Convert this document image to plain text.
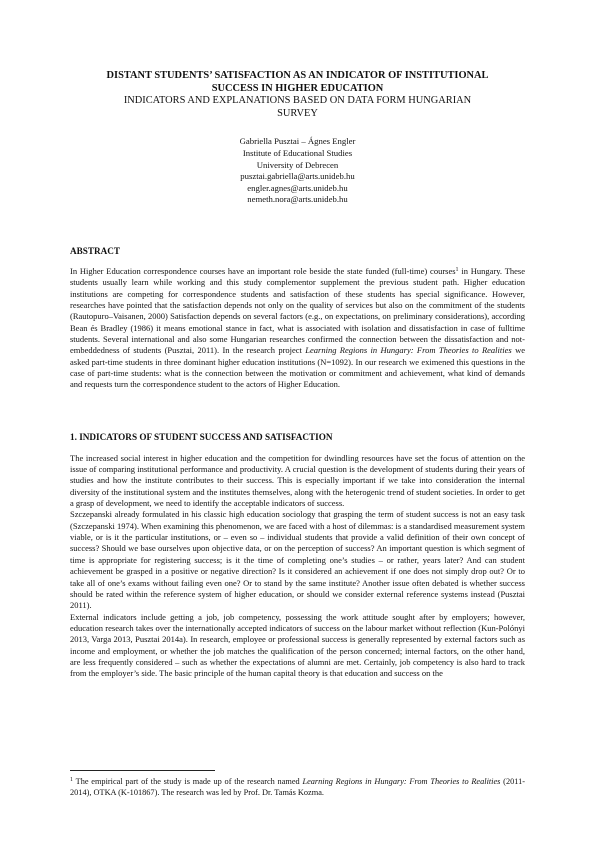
DISTANT STUDENTS’ SATISFACTION AS AN INDICATOR OF INSTITUTIONAL
SUCCESS IN HIGHER EDUCATION
INDICATORS AND EXPLANATIONS BASED ON DATA FORM HUNGARIAN
SURVEY
Gabriella Pusztai – Ágnes Engler
Institute of Educational Studies
University of Debrecen
pusztai.gabriella@arts.unideb.hu
engler.agnes@arts.unideb.hu
nemeth.nora@arts.unideb.hu
ABSTRACT

In Higher Education correspondence courses have an important role beside the state funded (full-time) courses$^1$ in Hungary. These students usually learn while working and this study complementor supplement the previous student path. Higher education institutions are competing for correspondence students and satisfaction of these students has special significance. However, researches have pointed that the satisfaction depends not only on the quality of services but also on the commitment of the students (Rautopuro–Vaisanen, 2000) Satisfaction depends on several factors (e.g., on expectations, on preliminary considerations), according Bean és Bradley (1986) it means emotional stance in fact, what is associated with isolation and dissatisfaction in case of fulltime students. Several international and also some Hungarian researches confirmed the connection between the dissatisfaction and not-embeddedness of students (Pusztai, 2011). In the research project Learning Regions in Hungary: From Theories to Realities we asked part-time students in three dominant higher education institutions (N=1092). In our research we eximened this questions in the case of part-time students: what is the connection between the motivation or commitment and achievement, what kind of demands and requests turn the correspondence student to the actors of Higher Education.

1. INDICATORS OF STUDENT SUCCESS AND SATISFACTION

The increased social interest in higher education and the competition for dwindling resources have set the focus of attention on the issue of comparing institutional performance and productivity. A crucial question is the development of students during their years of studies and how the institute contributes to their success. This is especially important if we take into consideration the internal diversity of the institutional system and the institutes themselves, along with the heterogenic trend of student societies. In order to get a grasp of development, we need to identify the acceptable indicators of success.

Szczepanski already formulated in his classic high education sociology that grasping the term of student success is not an easy task (Szczepanski 1974). When examining this phenomenon, we are faced with a host of dilemmas: is a standardised measurement system viable, or is it the particular institutions, or – even so – individual students that provide a valid definition of their own concept of success? Should we base ourselves upon objective data, or on the perception of success? An important question is which segment of time is appropriate for registering success; is it the time of completing one’s studies – or rather, years later? And can student achievement be grasped in a positive or negative direction? Is it considered an achievement if one does not simply drop out? Or to take all of one’s exams without failing even one? Or to stand by the same institute? Another issue often debated is whether success should be rated within the reference system of higher education, or should we consider external reference systems instead (Pusztai 2011).

External indicators include getting a job, job competency, possessing the work attitude sought after by employers; however, education research takes over the internationally accepted indicators of success on the labour market without reflection (Kun-Polónyi 2013, Varga 2013, Pusztai 2014a). In research, employee or professional success is generally represented by external factors such as income and employment, or whether the job matches the qualification of the person concerned; internal factors, on the other hand, are less frequently considered – such as whether the expectations of alumni are met. Certainly, job competency is also hard to track from the employer’s side. The basic principle of the human capital theory is that education and success on the

$^1$ The empirical part of the study is made up of the research named Learning Regions in Hungary: From Theories to Realities (2011-2014), OTKA (K-101867). The research was led by Prof. Dr. Tamás Kozma.
